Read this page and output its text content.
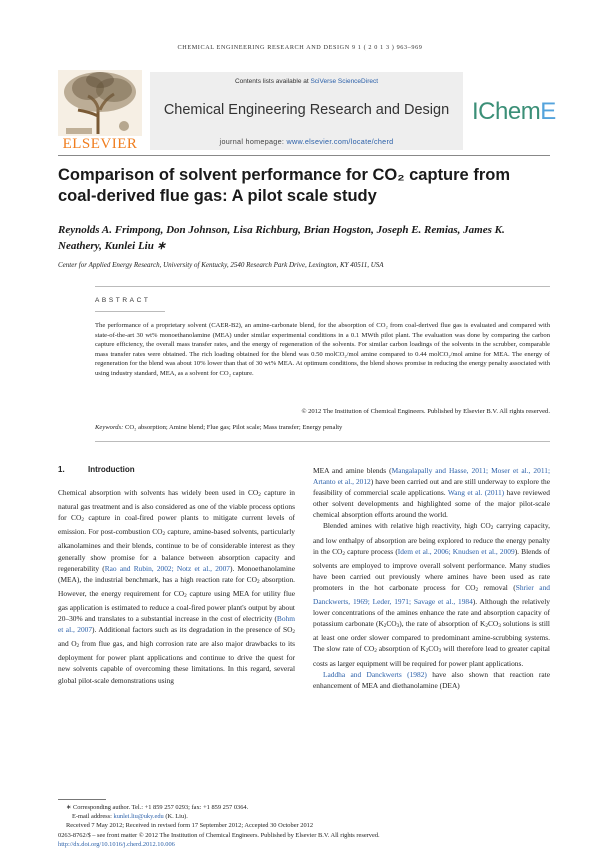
CHEMICAL ENGINEERING RESEARCH AND DESIGN 9 1 ( 2 0 1 3 ) 963–969
ELSEVIER
Contents lists available at SciVerse ScienceDirect
Chemical Engineering Research and Design
journal homepage: www.elsevier.com/locate/cherd
IChemE
Comparison of solvent performance for CO₂ capture from coal-derived flue gas: A pilot scale study
Reynolds A. Frimpong, Don Johnson, Lisa Richburg, Brian Hogston, Joseph E. Remias, James K. Neathery, Kunlei Liu ∗
Center for Applied Energy Research, University of Kentucky, 2540 Research Park Drive, Lexington, KY 40511, USA
ABSTRACT
The performance of a proprietary solvent (CAER-B2), an amine-carbonate blend, for the absorption of CO₂ from coal-derived flue gas is evaluated and compared with state-of-the-art 30 wt% monoethanolamine (MEA) under similar experimental conditions in a 0.1 MWth pilot plant. The evaluation was done by comparing the carbon capture efficiency, the overall mass transfer rates, and the energy of regeneration of the solvents. For similar carbon loadings of the solvents in the scrubber, comparable mass transfer rates were obtained. The rich loading obtained for the blend was 0.50 molCO₂/mol amine compared to 0.44 molCO₂/mol amine for MEA. The energy of regeneration for the blend was about 10% lower than that of 30 wt% MEA. At optimum conditions, the blend shows promise in reducing the energy penalty associated with using industry standard, MEA, as a solvent for CO₂ capture.
© 2012 The Institution of Chemical Engineers. Published by Elsevier B.V. All rights reserved.
Keywords: CO₂ absorption; Amine blend; Flue gas; Pilot scale; Mass transfer; Energy penalty
1.	Introduction

Chemical absorption with solvents has widely been used in $CO_2$ capture in natural gas treatment and is also considered as one of the viable process options for $CO_2$ capture in coal-fired power plants to mitigate current levels of emission. For post-combustion $CO_2$ capture, amine-based solvents, particularly alkanolamines and their blends, continue to be of considerable interest as they generally show promise for a balance between absorption capacity and regenerability (Rao and Rubin, 2002; Notz et al., 2007). Monoethanolamine (MEA), the industrial benchmark, has a high reaction rate for $CO_2$ absorption. However, the energy requirement for $CO_2$ capture using MEA for utility flue gas application is estimated to reduce a coal-fired power plant's output by about 20–30% and translates to a substantial increase in the cost of electricity (Bohm et al., 2007). Additional factors such as its degradation in the presence of $SO_2$ and $O_2$ from flue gas, and high corrosion rate are also major drawbacks to its deployment for power plant applications and continue to drive the quest for new solvents capable of overcoming these limitations. In this regard, several global pilot-scale demonstrations using

MEA and amine blends (Mangalapally and Hasse, 2011; Moser et al., 2011; Artanto et al., 2012) have been carried out and are still underway to explore the feasibility of commercial scale applications. Wang et al. (2011) have reviewed other solvent developments and highlighted some of the major pilot-scale chemical absorption efforts around the world.

Blended amines with relative high reactivity, high $CO_2$ carrying capacity, and low enthalpy of absorption are being explored to reduce the energy penalty in the $CO_2$ capture process (Idem et al., 2006; Knudsen et al., 2009). Blends of solvents are employed to improve overall solvent performance. Many studies have been carried out previously where amines have been used as rate promoters in the hot carbonate process for $CO_2$ removal (Shrier and Danckwerts, 1969; Leder, 1971; Savage et al., 1984). Although the relatively lower concentrations of the amines enhance the rate and absorption capacity of potassium carbonate $(K_2CO_3)$, the rate of absorption of $K_2CO_3$ solutions is still at least one order slower compared to predominant amine-scrubbing systems. The slow rate of $CO_2$ absorption of $K_2CO_3$ will therefore lead to greater capital costs as larger equipment will be required for power plant applications.

Laddha and Danckwerts (1982) have also shown that reaction rate enhancement of MEA and diethanolamine (DEA)

∗ Corresponding author. Tel.: +1 859 257 0293; fax: +1 859 257 0364.
E-mail address: kunlei.liu@uky.edu (K. Liu).
Received 7 May 2012; Received in revised form 17 September 2012; Accepted 30 October 2012
0263-8762/$ – see front matter © 2012 The Institution of Chemical Engineers. Published by Elsevier B.V. All rights reserved.
http://dx.doi.org/10.1016/j.cherd.2012.10.006
